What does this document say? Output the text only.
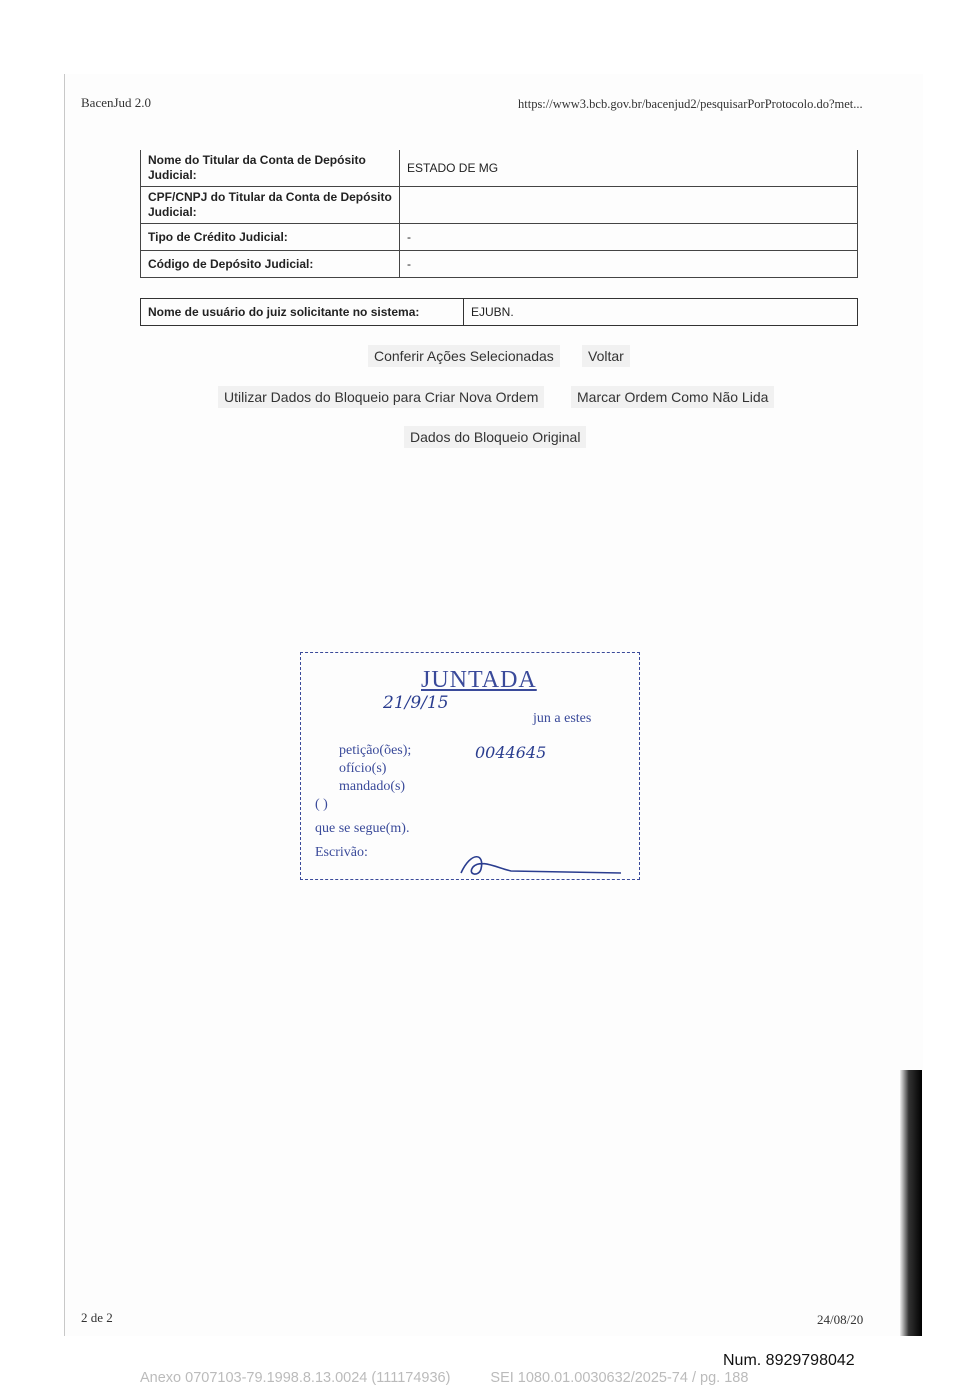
BacenJud 2.0	https://www3.bcb.gov.br/bacenjud2/pesquisarPorProtocolo.do?met...
Nome do Titular da Conta de Depósito Judicial:	ESTADO DE MG
CPF/CNPJ do Titular da Conta de Depósito Judicial:	
Tipo de Crédito Judicial:	-
Código de Depósito Judicial:	-
Nome de usuário do juiz solicitante no sistema:	EJUBN.
Conferir Ações Selecionadas	Voltar
Utilizar Dados do Bloqueio para Criar Nova Ordem	Marcar Ordem Como Não Lida
Dados do Bloqueio Original
JUNTADA
21/9/15
jun a estes
petição(ões);	0044645
ofício(s)
mandado(s)
( )
que se segue(m).
Escrivão:
2 de 2	24/08/20
Num. 8929798042
Anexo 0707103-79.1998.8.13.0024 (111174936)	SEI 1080.01.0030632/2025-74 / pg. 188
